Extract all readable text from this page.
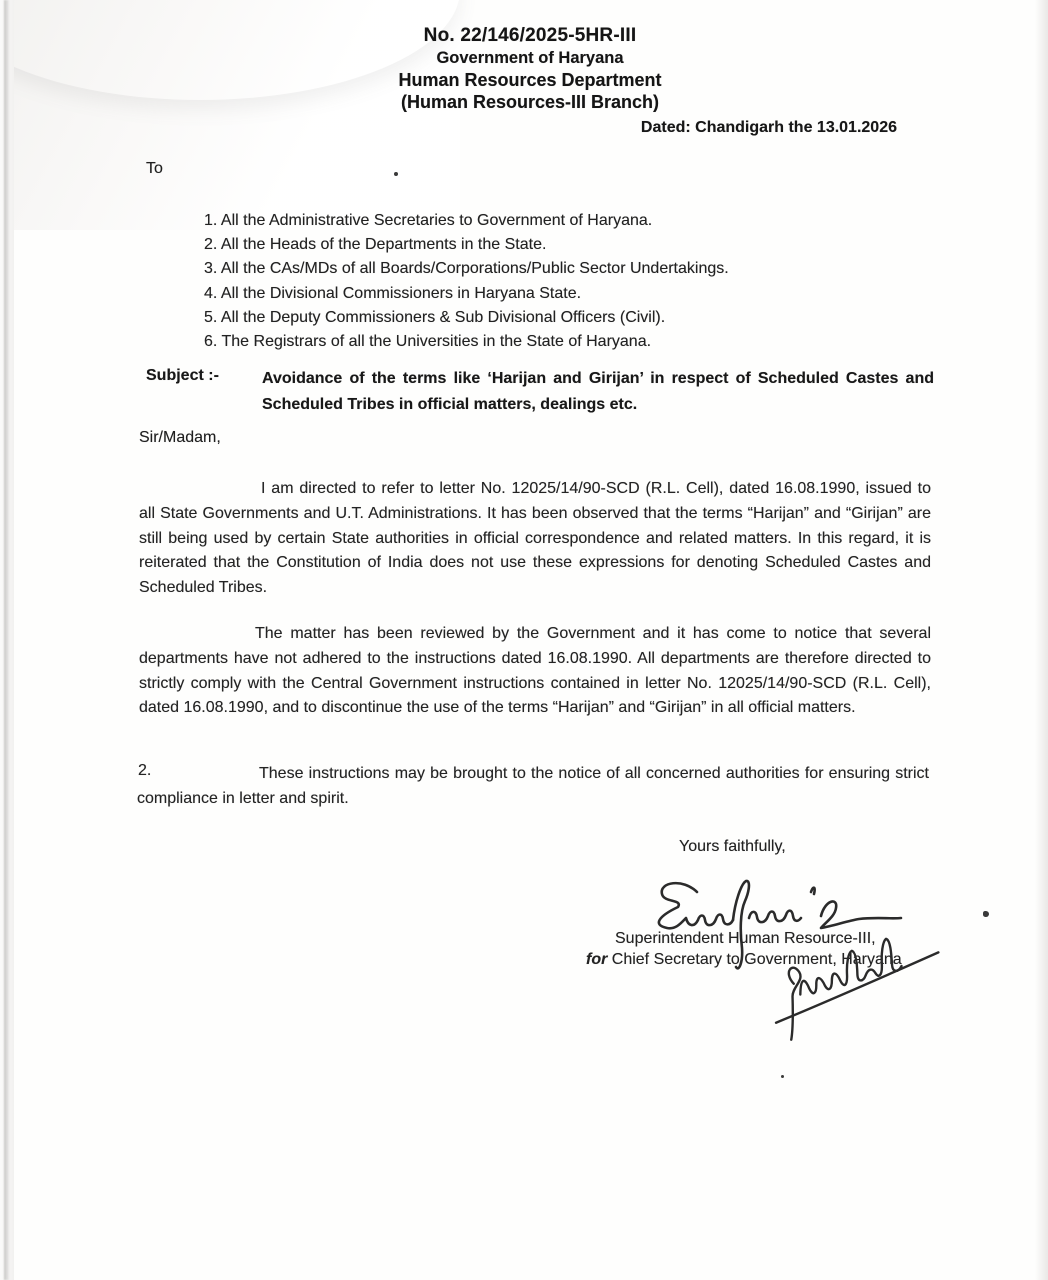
No. 22/146/2025-5HR-III
Government of Haryana
Human Resources Department
(Human Resources-III Branch)
Dated: Chandigarh the 13.01.2026
To
1. All the Administrative Secretaries to Government of Haryana.
2. All the Heads of the Departments in the State.
3. All the CAs/MDs of all Boards/Corporations/Public Sector Undertakings.
4. All the Divisional Commissioners in Haryana State.
5. All the Deputy Commissioners & Sub Divisional Officers (Civil).
6. The Registrars of all the Universities in the State of Haryana.
Subject :-	Avoidance of the terms like ‘Harijan and Girijan’ in respect of Scheduled Castes and Scheduled Tribes in official matters, dealings etc.
Sir/Madam,
I am directed to refer to letter No. 12025/14/90-SCD (R.L. Cell), dated 16.08.1990, issued to all State Governments and U.T. Administrations. It has been observed that the terms “Harijan” and “Girijan” are still being used by certain State authorities in official correspondence and related matters. In this regard, it is reiterated that the Constitution of India does not use these expressions for denoting Scheduled Castes and Scheduled Tribes.
The matter has been reviewed by the Government and it has come to notice that several departments have not adhered to the instructions dated 16.08.1990. All departments are therefore directed to strictly comply with the Central Government instructions contained in letter No. 12025/14/90-SCD (R.L. Cell), dated 16.08.1990, and to discontinue the use of the terms “Harijan” and “Girijan” in all official matters.
2.	These instructions may be brought to the notice of all concerned authorities for ensuring strict compliance in letter and spirit.

Yours faithfully,
Superintendent Human Resource-III,
for Chief Secretary to Government, Haryana
